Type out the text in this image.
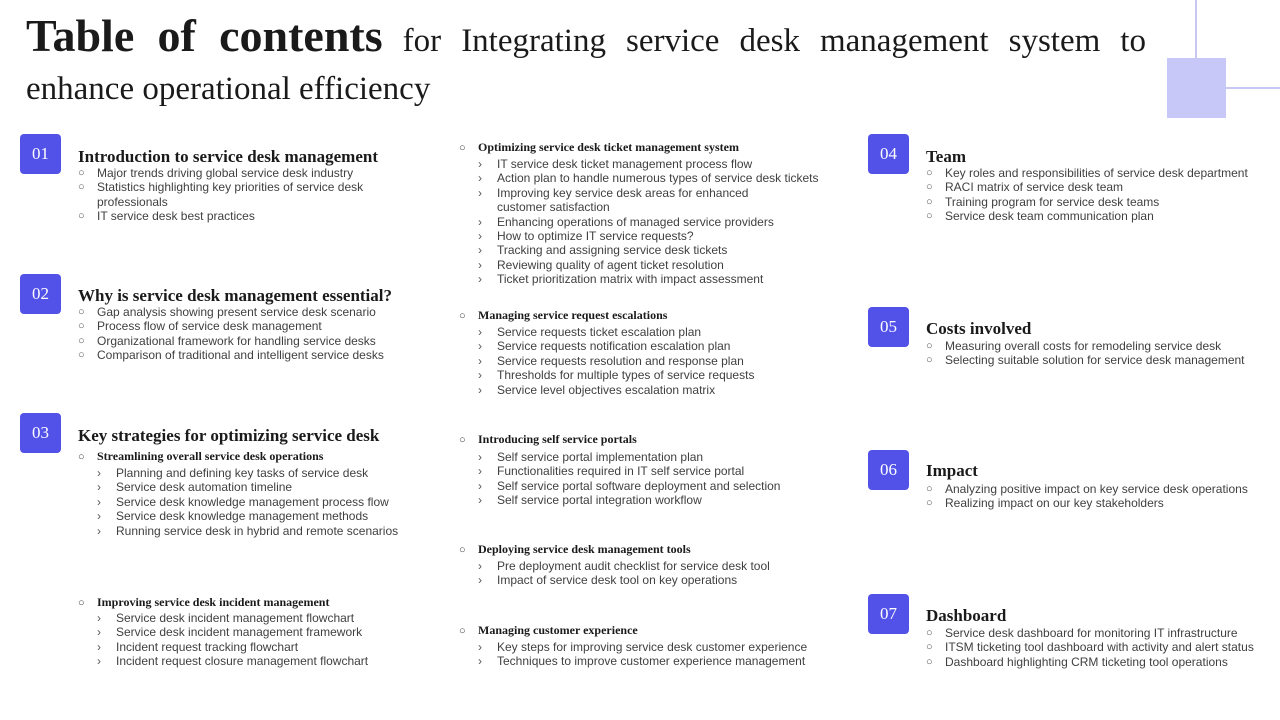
Table of contents for Integrating service desk management system to enhance operational efficiency
01	Introduction to service desk management
○	Major trends driving global service desk industry
○	Statistics highlighting key priorities of service desk professionals
○	IT service desk best practices
02	Why is service desk management essential?
○	Gap analysis showing present service desk scenario
○	Process flow of service desk management
○	Organizational framework for handling service desks
○	Comparison of traditional and intelligent service desks
03	Key strategies for optimizing service desk
○ Streamlining overall service desk operations
›	Planning and defining key tasks of service desk
›	Service desk automation timeline
›	Service desk knowledge management process flow
›	Service desk knowledge management methods
›	Running service desk in hybrid and remote scenarios
○ Improving service desk incident management
›	Service desk incident management flowchart
›	Service desk incident management framework
›	Incident request tracking flowchart
›	Incident request closure management flowchart
○ Optimizing service desk ticket management system
›	IT service desk ticket management process flow
›	Action plan to handle numerous types of service desk tickets
›	Improving key service desk areas for enhanced customer satisfaction
›	Enhancing operations of managed service providers
›	How to optimize IT service requests?
›	Tracking and assigning service desk tickets
›	Reviewing quality of agent ticket resolution
›	Ticket prioritization matrix with impact assessment
○ Managing service request escalations
›	Service requests ticket escalation plan
›	Service requests notification escalation plan
›	Service requests resolution and response plan
›	Thresholds for multiple types of service requests
›	Service level objectives escalation matrix
○ Introducing self service portals
›	Self service portal implementation plan
›	Functionalities required in IT self service portal
›	Self service portal software deployment and selection
›	Self service portal integration workflow
○ Deploying service desk management tools
›	Pre deployment audit checklist for service desk tool
›	Impact of service desk tool on key operations
○ Managing customer experience
›	Key steps for improving service desk customer experience
›	Techniques to improve customer experience management
04	Team
○	Key roles and responsibilities of service desk department
○	RACI matrix of service desk team
○	Training program for service desk teams
○	Service desk team communication plan
05	Costs involved
○	Measuring overall costs for remodeling service desk
○	Selecting suitable solution for service desk management
06	Impact
○	Analyzing positive impact on key service desk operations
○	Realizing impact on our key stakeholders
07	Dashboard
○	Service desk dashboard for monitoring IT infrastructure
○	ITSM ticketing tool dashboard with activity and alert status
○	Dashboard highlighting CRM ticketing tool operations
